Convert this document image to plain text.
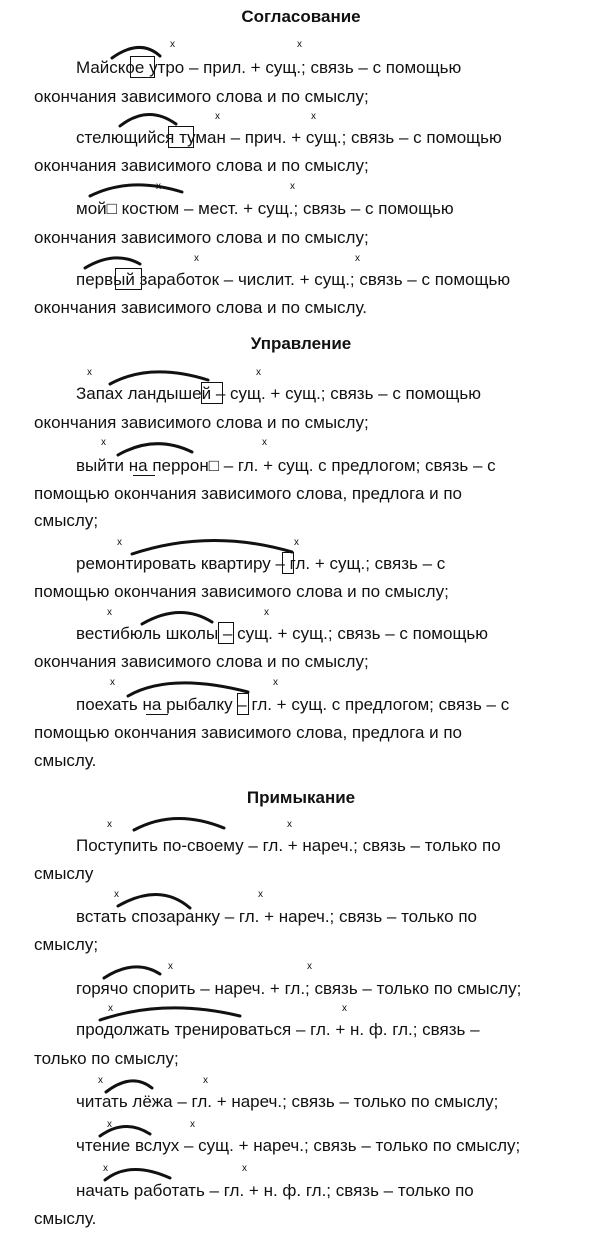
Согласование
Майское утро – прил. + сущ.; связь – с помощью
окончания зависимого слова и по смыслу;
стелющийся туман – прич. + сущ.; связь – с помощью
окончания зависимого слова и по смыслу;
мой□ костюм – мест. + сущ.; связь – с помощью
окончания зависимого слова и по смыслу;
первый заработок – числит. + сущ.; связь – с помощью
окончания зависимого слова и по смыслу.
Управление
Запах ландышей – сущ. + сущ.; связь – с помощью
окончания зависимого слова и по смыслу;
выйти на перрон□ – гл. + сущ. с предлогом; связь – с
помощью окончания зависимого слова, предлога и по
смыслу;
ремонтировать квартиру – гл. + сущ.; связь – с
помощью окончания зависимого слова и по смыслу;
вестибюль школы – сущ. + сущ.; связь – с помощью
окончания зависимого слова и по смыслу;
поехать на рыбалку – гл. + сущ. с предлогом; связь – с
помощью окончания зависимого слова, предлога и по
смыслу.
Примыкание
Поступить по-своему – гл. + нареч.; связь – только по
смыслу
встать спозаранку – гл. + нареч.; связь – только по
смыслу;
горячо спорить – нареч. + гл.; связь – только по смыслу;
продолжать тренироваться – гл. + н. ф. гл.; связь –
только по смыслу;
читать лёжа – гл. + нареч.; связь – только по смыслу;
чтение вслух – сущ. + нареч.; связь – только по смыслу;
начать работать – гл. + н. ф. гл.; связь – только по
смыслу.
x	x
x	x
x	x
x	x
x	x
x	x
x	x
x	x
x	x
x	x
x	x
x	x
x	x
x	x
x	x
x	x
